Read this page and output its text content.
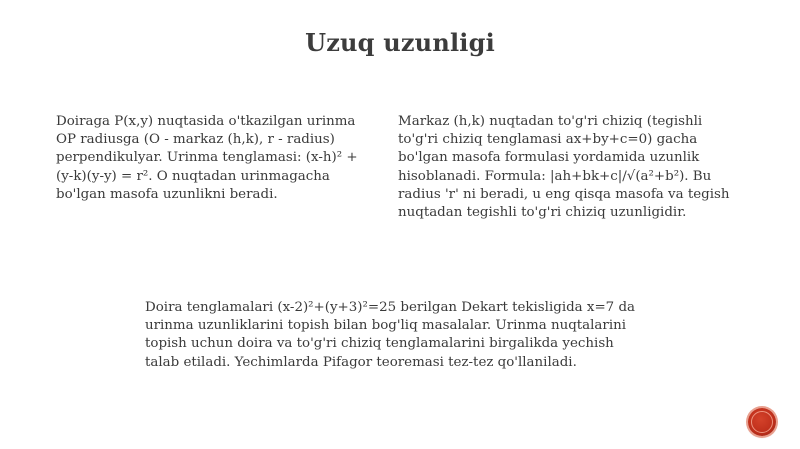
Uzuq uzunligi

Doiraga P(x,y) nuqtasida o'tkazilgan urinma OP radiusga (O - markaz (h,k), r - radius) perpendikulyar. Urinma tenglamasi: (x-h)² + (y-k)(y-y) = r². O nuqtadan urinmagacha bo'lgan masofa uzunlikni beradi.

Markaz (h,k) nuqtadan to'g'ri chiziq (tegishli to'g'ri chiziq tenglamasi ax+by+c=0) gacha bo'lgan masofa formulasi yordamida uzunlik hisoblanadi. Formula: |ah+bk+c|/√(a²+b²). Bu radius 'r' ni beradi, u eng qisqa masofa va tegish nuqtadan tegishli to'g'ri chiziq uzunligidir.

Doira tenglamalari (x-2)²+(y+3)²=25 berilgan Dekart tekisligida x=7 da urinma uzunliklarini topish bilan bog'liq masalalar. Urinma nuqtalarini topish uchun doira va to'g'ri chiziq tenglamalarini birgalikda yechish talab etiladi. Yechimlarda Pifagor teoremasi tez-tez qo'llaniladi.
